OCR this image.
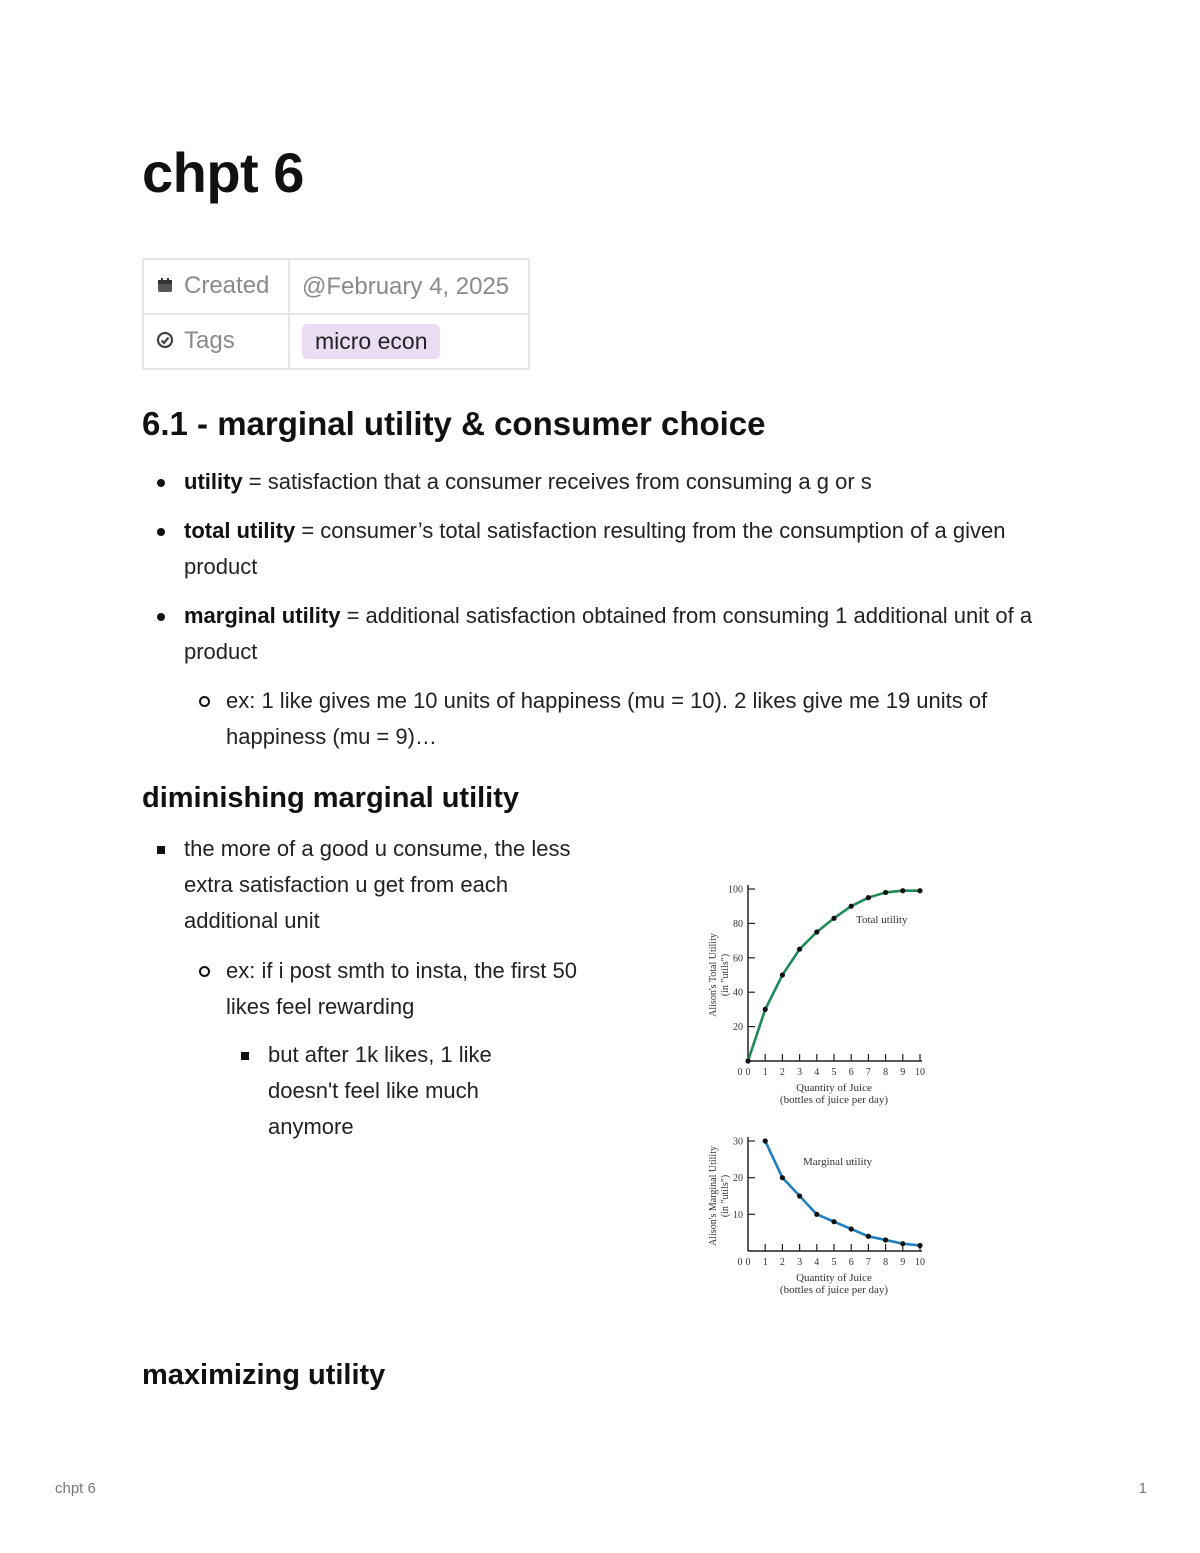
chpt 6
Created	@February 4, 2025
Tags	micro econ
6.1 - marginal utility & consumer choice
utility = satisfaction that a consumer receives from consuming a g or s
total utility = consumer’s total satisfaction resulting from the consumption of a given product
marginal utility = additional satisfaction obtained from consuming 1 additional unit of a product
ex: 1 like gives me 10 units of happiness (mu = 10). 2 likes give me 19 units of happiness (mu = 9)…
diminishing marginal utility
the more of a good u consume, the less extra satisfaction u get from each additional unit
ex: if i post smth to insta, the first 50 likes feel rewarding
but after 1k likes, 1 like doesn't feel like much anymore
0 1 2 3 4 5 6 7 8 9 10
20
40
60
80
100
0
Quantity of Juice
(bottles of juice per day)
Alison's Total Utility (in "utils")
Total utility
0 1 2 3 4 5 6 7 8 9 10
10
20
30
0
Quantity of Juice
(bottles of juice per day)
Alison's Marginal Utility (in "utils")
Marginal utility
maximizing utility
chpt 6	1
